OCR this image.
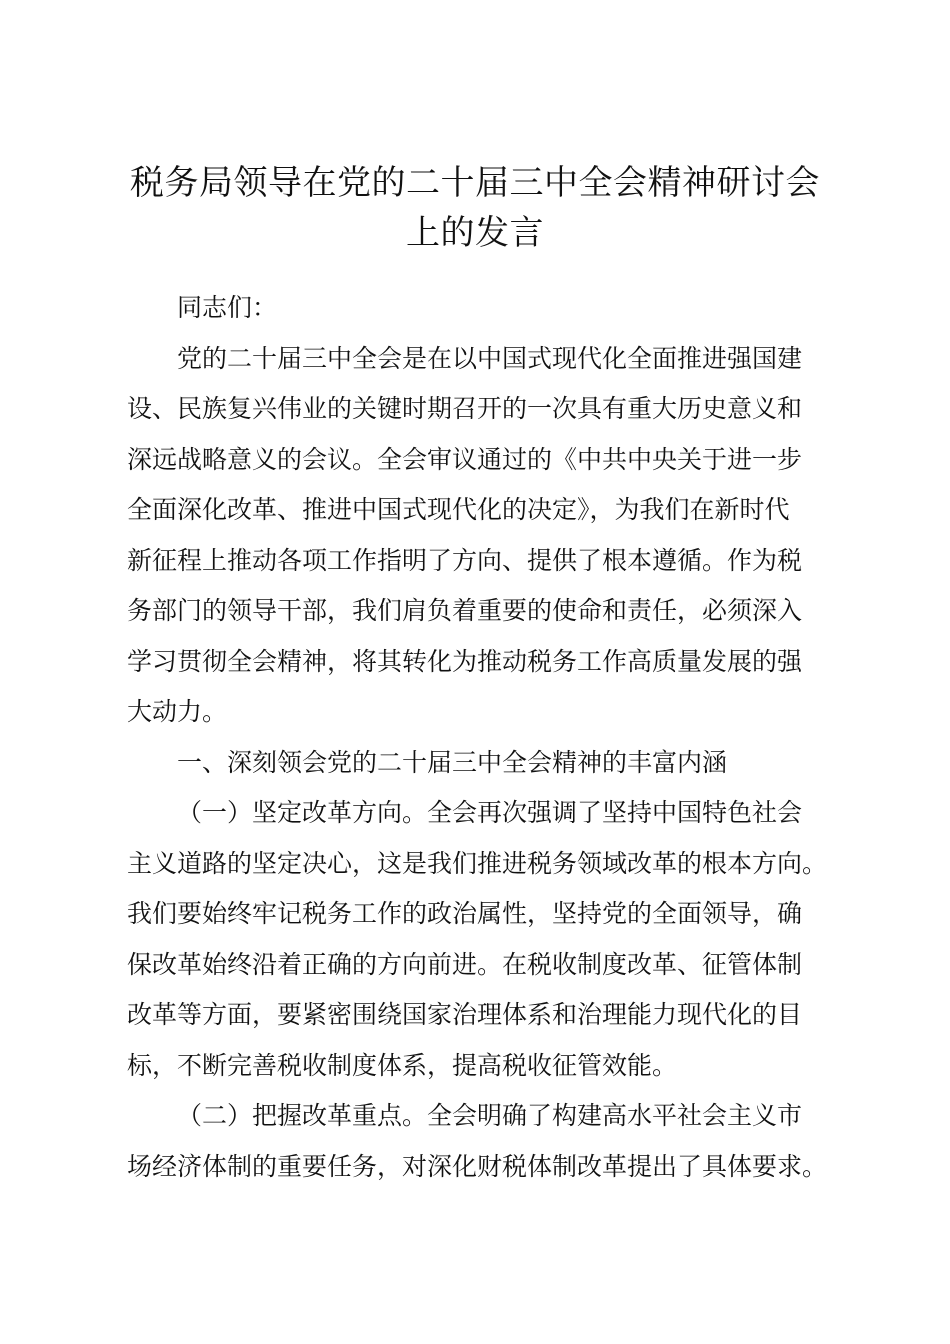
税务局领导在党的二十届三中全会精神研讨会
上的发言
同志们：
党的二十届三中全会是在以中国式现代化全面推进强国建
设、民族复兴伟业的关键时期召开的一次具有重大历史意义和
深远战略意义的会议。全会审议通过的《中共中央关于进一步
全面深化改革、推进中国式现代化的决定》，为我们在新时代
新征程上推动各项工作指明了方向、提供了根本遵循。作为税
务部门的领导干部，我们肩负着重要的使命和责任，必须深入
学习贯彻全会精神，将其转化为推动税务工作高质量发展的强
大动力。
一、深刻领会党的二十届三中全会精神的丰富内涵
（一）坚定改革方向。全会再次强调了坚持中国特色社会
主义道路的坚定决心，这是我们推进税务领域改革的根本方向。
我们要始终牢记税务工作的政治属性，坚持党的全面领导，确
保改革始终沿着正确的方向前进。在税收制度改革、征管体制
改革等方面，要紧密围绕国家治理体系和治理能力现代化的目
标，不断完善税收制度体系，提高税收征管效能。
（二）把握改革重点。全会明确了构建高水平社会主义市
场经济体制的重要任务，对深化财税体制改革提出了具体要求。
